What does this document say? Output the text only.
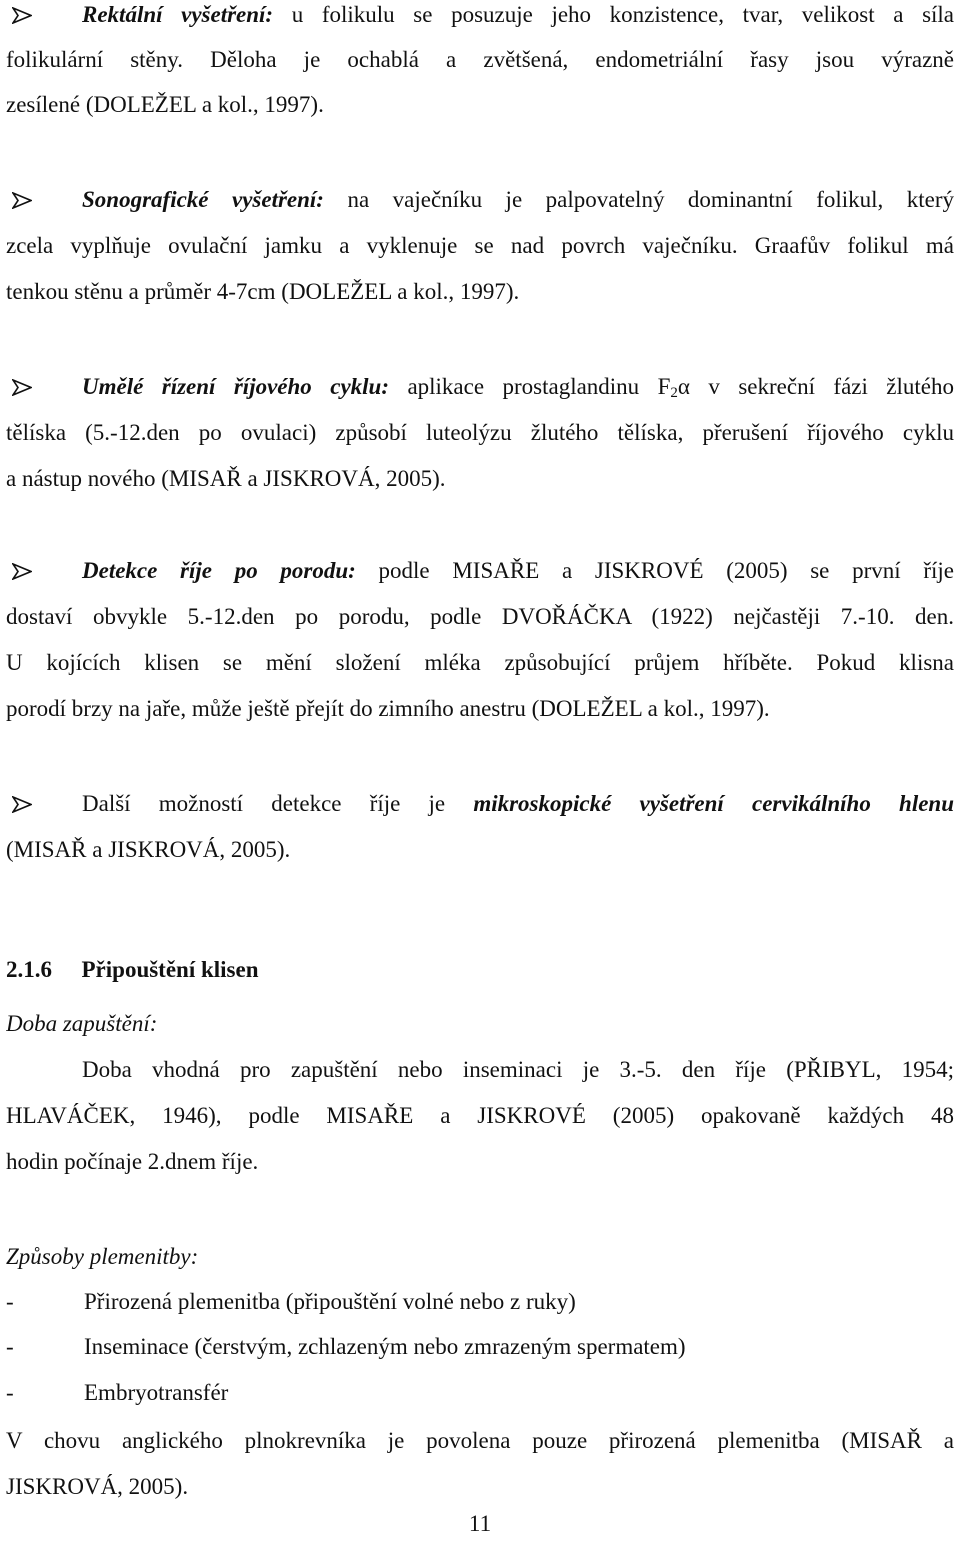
Rektální vyšetření: u folikulu se posuzuje jeho konzistence, tvar, velikost a síla
folikulární stěny. Děloha je ochablá a zvětšená, endometriální řasy jsou výrazně
zesílené (DOLEŽEL a kol., 1997).
Sonografické vyšetření: na vaječníku je palpovatelný dominantní folikul, který
zcela vyplňuje ovulační jamku a vyklenuje se nad povrch vaječníku. Graafův folikul má
tenkou stěnu a průměr 4-7cm (DOLEŽEL a kol., 1997).
Umělé řízení říjového cyklu: aplikace prostaglandinu $F_2\alpha$ v sekreční fázi žlutého
tělíska (5.-12.den po ovulaci) způsobí luteolýzu žlutého tělíska, přerušení říjového cyklu
a nástup nového (MISAŘ a JISKROVÁ, 2005).
Detekce říje po porodu: podle MISAŘE a JISKROVÉ (2005) se první říje
dostaví obvykle 5.-12.den po porodu, podle DVOŘÁČKA (1922) nejčastěji 7.-10. den.
U kojících klisen se mění složení mléka způsobující průjem hříběte. Pokud klisna
porodí brzy na jaře, může ještě přejít do zimního anestru (DOLEŽEL a kol., 1997).
Další možností detekce říje je mikroskopické vyšetření cervikálního hlenu
(MISAŘ a JISKROVÁ, 2005).
2.1.6 Připouštění klisen
Doba zapuštění:
Doba vhodná pro zapuštění nebo inseminaci je 3.-5. den říje (PŘIBYL, 1954;
HLAVÁČEK, 1946), podle MISAŘE a JISKROVÉ (2005) opakovaně každých 48
hodin počínaje 2.dnem říje.
Způsoby plemenitby:
-	Přirozená plemenitba (připouštění volné nebo z ruky)
-	Inseminace (čerstvým, zchlazeným nebo zmrazeným spermatem)
-	Embryotransfér
V chovu anglického plnokrevníka je povolena pouze přirozená plemenitba (MISAŘ a
JISKROVÁ, 2005).
11
